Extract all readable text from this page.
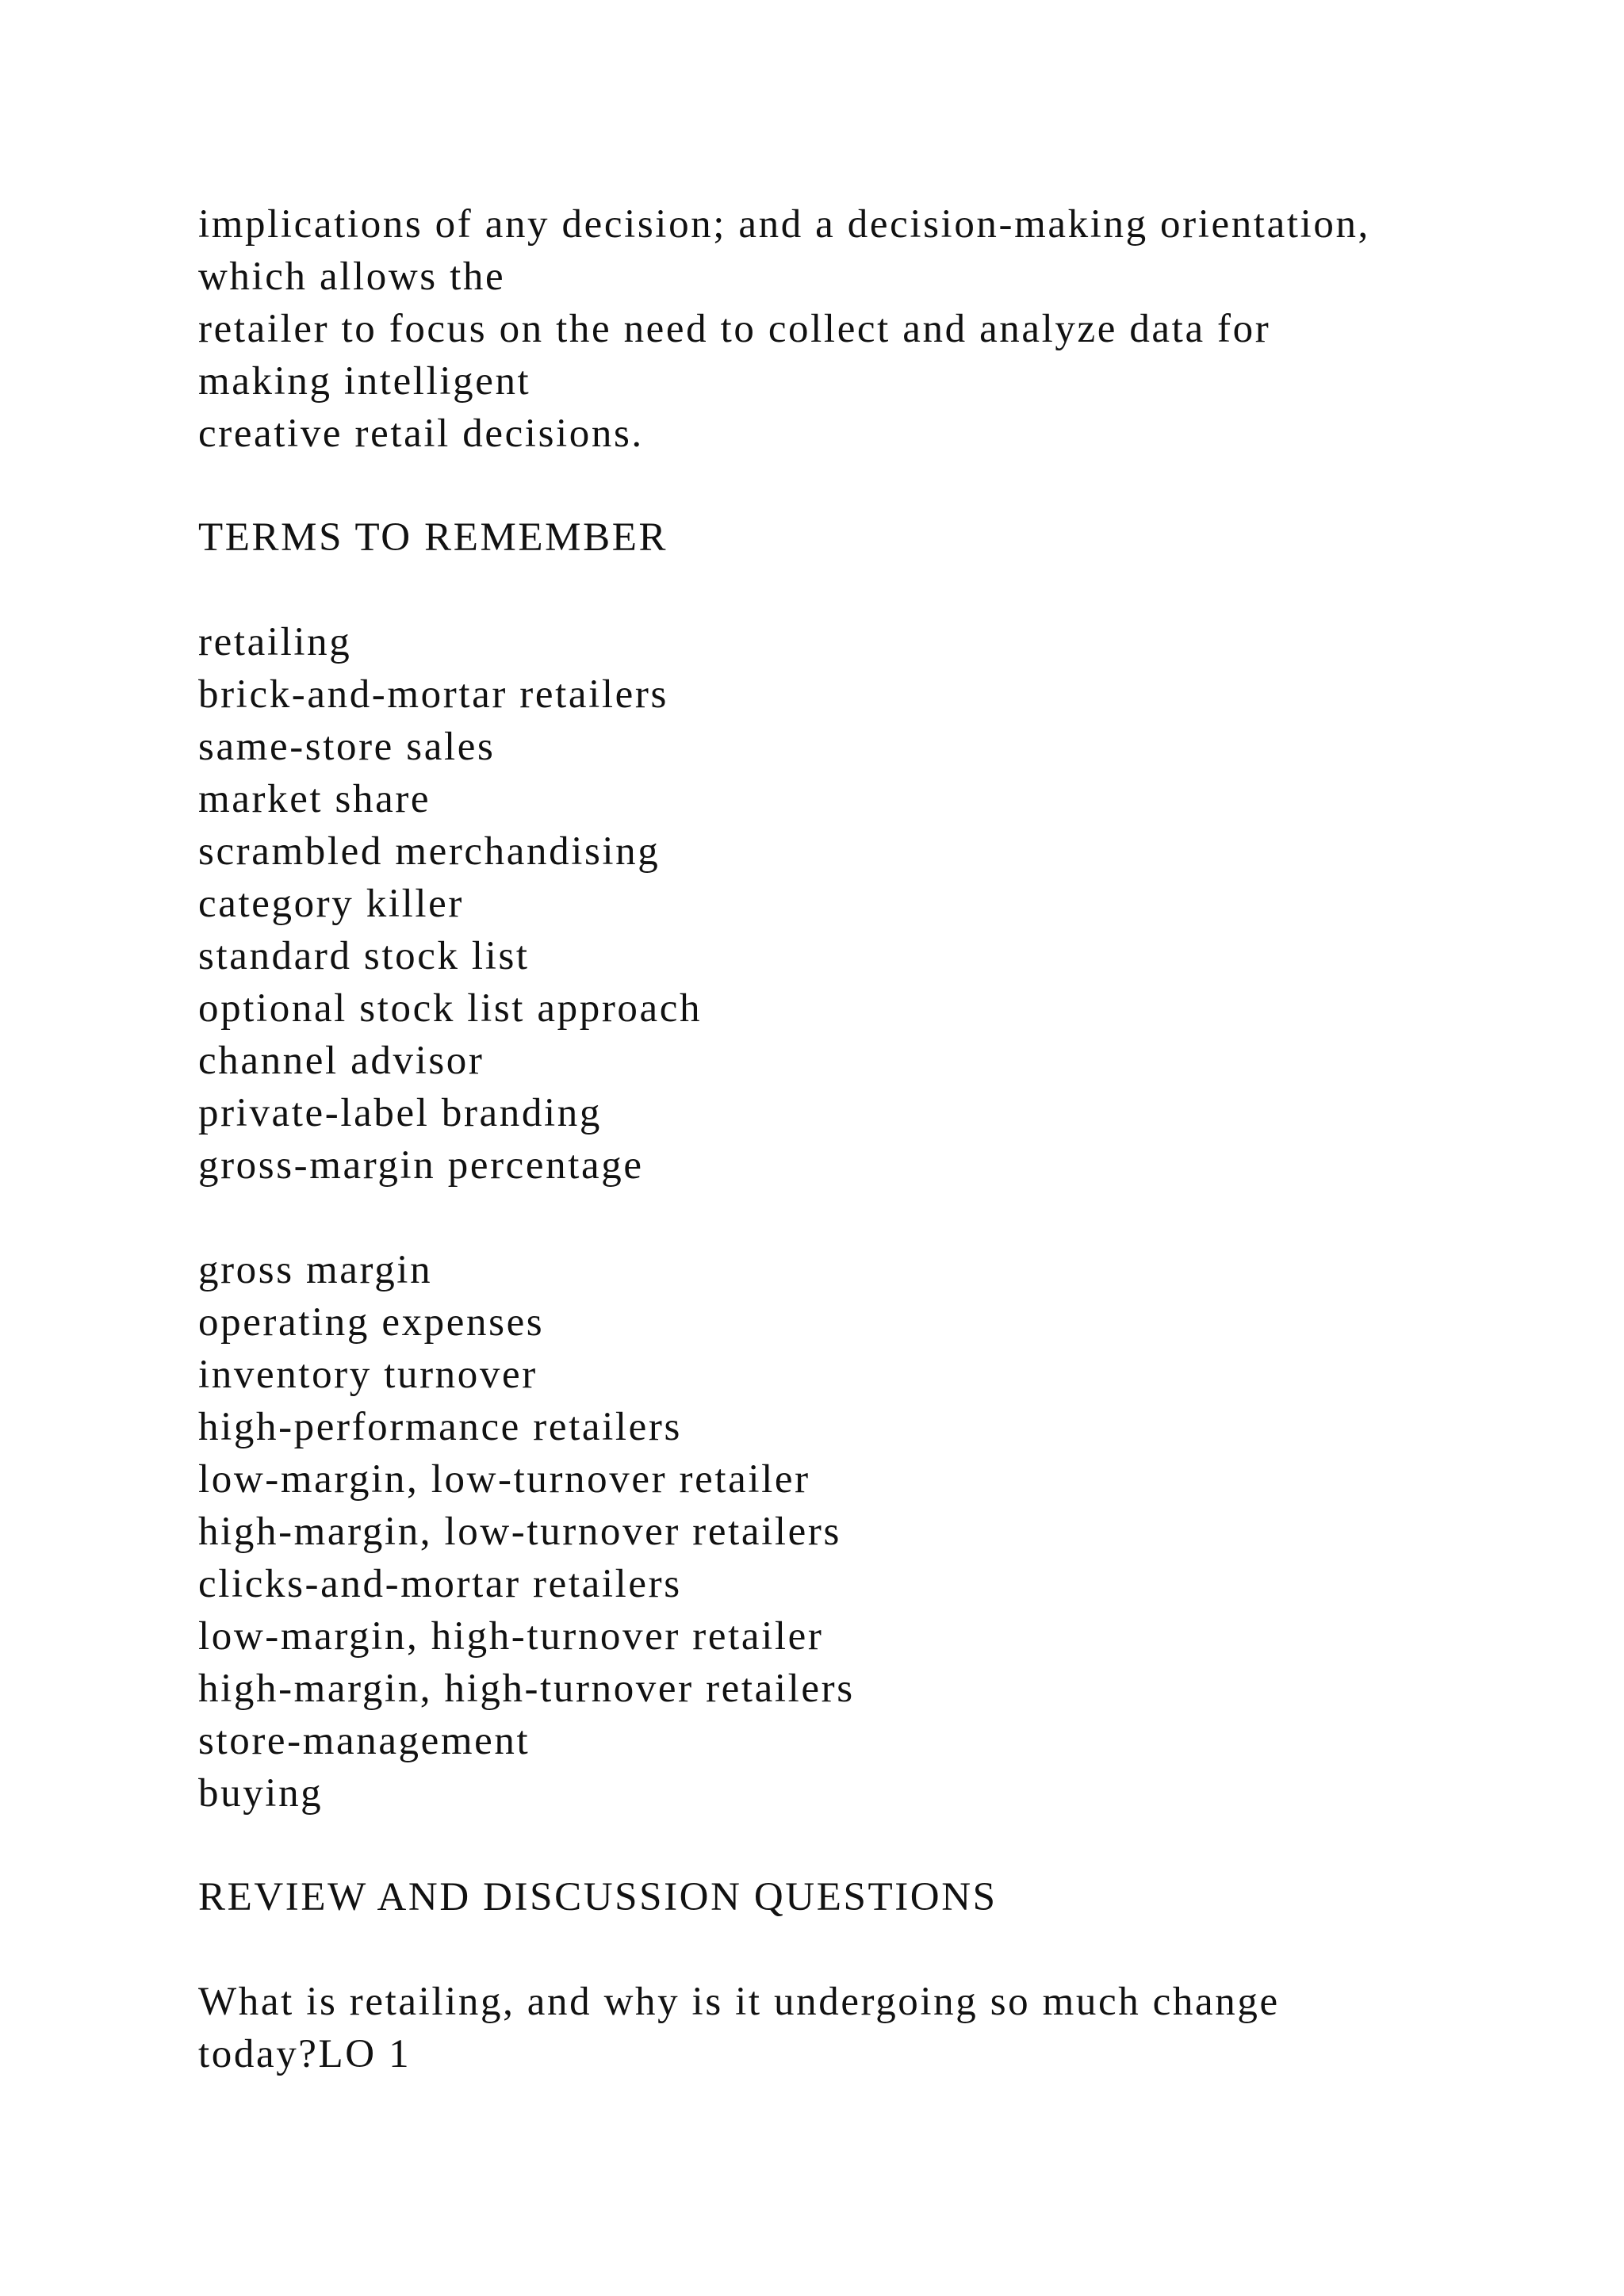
implications of any decision; and a decision-making orientation,

which allows the

retailer to focus on the need to collect and analyze data for

making intelligent

creative retail decisions.

TERMS TO REMEMBER

retailing

brick-and-mortar retailers

same-store sales

market share

scrambled merchandising

category killer

standard stock list

optional stock list approach

channel advisor

private-label branding

gross-margin percentage

gross margin

operating expenses

inventory turnover

high-performance retailers

low-margin, low-turnover retailer

high-margin, low-turnover retailers

clicks-and-mortar retailers

low-margin, high-turnover retailer

high-margin, high-turnover retailers

store-management

buying

REVIEW AND DISCUSSION QUESTIONS

What is retailing, and why is it undergoing so much change

today?LO 1
